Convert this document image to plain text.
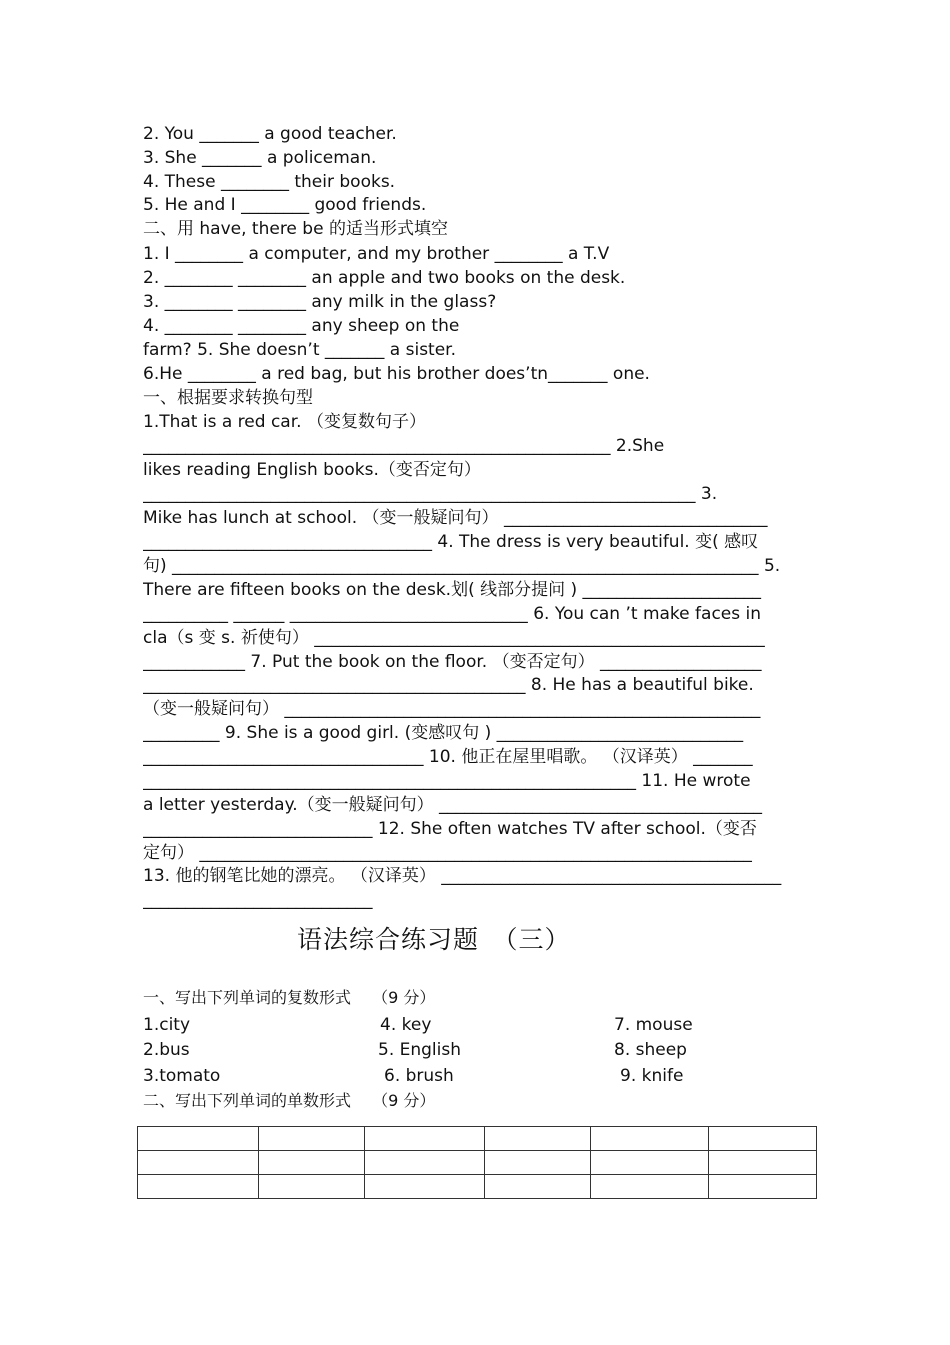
2. You _______ a good teacher.
3. She _______ a policeman.
4. These ________ their books.
5. He and I ________ good friends.
二、用 have, there be 的适当形式填空
1. I ________ a computer, and my brother ________ a T.V
2. ________ ________ an apple and two books on the desk.
3. ________ ________ any milk in the glass?
4. ________ ________ any sheep on the
farm? 5. She doesn’t _______ a sister.
6.He ________ a red bag, but his brother does’tn_______ one.
一、根据要求转换句型
1.That is a red car. （变复数句子）
_______________________________________________________ 2.She
likes reading English books.（变否定句）
_________________________________________________________________ 3.
Mike has lunch at school. （变一般疑问句） _______________________________
__________________________________ 4. The dress is very beautiful. 变( 感叹
句) _____________________________________________________________________ 5.
There are fifteen books on the desk.划( 线部分提问 ) _____________________
__________ ______ ____________________________ 6. You can ’t make faces in
cla（s 变 s. 祈使句） _____________________________________________________
____________ 7. Put the book on the floor. （变否定句） ___________________
_____________________________________________ 8. He has a beautiful bike.
（变一般疑问句） ________________________________________________________
_________ 9. She is a good girl. (变感叹句 ) _____________________________
_________________________________ 10. 他正在屋里唱歌。 （汉译英） _______
__________________________________________________________ 11. He wrote
a letter yesterday.（变一般疑问句） ______________________________________
___________________________ 12. She often watches TV after school.（变否
定句） _________________________________________________________________
13. 他的钢笔比她的漂亮。 （汉译英） ________________________________________
___________________________
语法综合练习题　（三）
一、写出下列单词的复数形式　 （9 分）
1.city
2.bus
3.tomato
4. key
5. English
6. brush
7. mouse
8. sheep
9. knife
二、写出下列单词的单数形式　 （9 分）
